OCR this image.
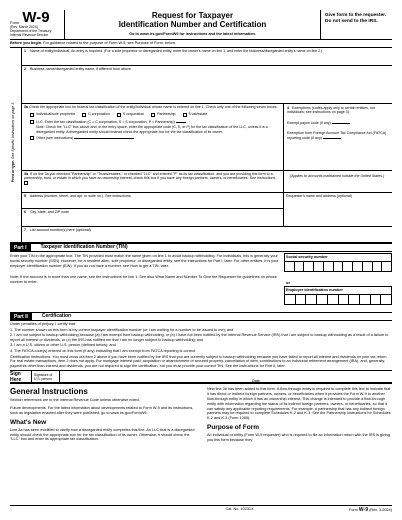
Form W-9
(Rev. March 2024)
Department of the Treasury
Internal Revenue Service
Request for Taxpayer
Identification Number and Certification
Go to www.irs.gov/FormW9 for instructions and the latest information.
Give form to the requester. Do not send to the IRS.
Before you begin. For guidance related to the purpose of Form W-9, see Purpose of Form, below.
Print or type. See Specific Instructions on page 3.
1 Name of entity/individual. An entry is required. (For a sole proprietor or disregarded entity, enter the owner's name on line 1, and enter the business/disregarded entity's name on line 2.)
2 Business name/disregarded entity name, if different from above.
3aCheck the appropriate box for federal tax classification of the entity/individual whose name is entered on line 1. Check only one of the following seven boxes.
Individual/sole proprietor	C corporation	S corporation	Partnership	Trust/estate
LLC. Enter the tax classification (C = C corporation, S = S corporation, P = Partnership)
Note: Check the "LLC" box above and, in the entry space, enter the appropriate code (C, S, or P) for the tax classification of the LLC, unless it is a disregarded entity. A disregarded entity should instead check the appropriate box for the tax classification of its owner.
Other (see instructions)
4 Exemptions (codes apply only to certain entities, not individuals; see instructions on page 3):
Exempt payee code (if any)
Exemption from Foreign Account Tax Compliance Act (FATCA) reporting code (if any)
3b If on line 3a you checked "Partnership" or "Trusts/estates," or checked "LLC" and entered "P" as its tax classification, and you are providing this form to a partnership, trust, or estate in which you have an ownership interest, check this box if you have any foreign partners, owners, or beneficiaries. See instructions
(Applies to accounts maintained outside the United States.)
5 Address (number, street, and apt. or suite no.). See instructions.	Requester's name and address (optional)
6 City, state, and ZIP code
7 List account number(s) here (optional)
Part I	Taxpayer Identification Number (TIN)

Enter your TIN in the appropriate box. The TIN provided must match the name given on line 1 to avoid backup withholding. For individuals, this is generally your social security number (SSN). However, for a resident alien, sole proprietor, or disregarded entity, see the instructions for Part I, later. For other entities, it is your employer identification number (EIN). If you do not have a number, see How to get a TIN, later.

Note: If the account is in more than one name, see the instructions for line 1. See also What Name and Number To Give the Requester for guidelines on whose number to enter.

Social security number
or
Employer identification number
Part II	Certification

Under penalties of perjury, I certify that:

1. The number shown on this form is my correct taxpayer identification number (or I am waiting for a number to be issued to me); and

2. I am not subject to backup withholding because (a) I am exempt from backup withholding, or (b) I have not been notified by the Internal Revenue Service (IRS) that I am subject to backup withholding as a result of a failure to report all interest or dividends, or (c) the IRS has notified me that I am no longer subject to backup withholding; and

3. I am a U.S. citizen or other U.S. person (defined below); and

4. The FATCA code(s) entered on this form (if any) indicating that I am exempt from FATCA reporting is correct.

Certification instructions. You must cross out item 2 above if you have been notified by the IRS that you are currently subject to backup withholding because you have failed to report all interest and dividends on your tax return. For real estate transactions, item 2 does not apply. For mortgage interest paid, acquisition or abandonment of secured property, cancellation of debt, contributions to an individual retirement arrangement (IRA), and, generally, payments other than interest and dividends, you are not required to sign the certification, but you must provide your correct TIN. See the instructions for Part II, later.

Sign Here
Signature of U.S. person	Date
General Instructions

Section references are to the Internal Revenue Code unless otherwise noted.

Future developments. For the latest information about developments related to Form W-9 and its instructions, such as legislation enacted after they were published, go to www.irs.gov/FormW9.

What's New

Line 3a has been modified to clarify how a disregarded entity completes this line. An LLC that is a disregarded entity should check the appropriate box for the tax classification of its owner. Otherwise, it should check the "LLC" box and enter its appropriate tax classification.

New line 3b has been added to this form. A flow-through entity is required to complete this line to indicate that it has direct or indirect foreign partners, owners, or beneficiaries when it provides the Form W-9 to another flow-through entity in which it has an ownership interest. This change is intended to provide a flow-through entity with information regarding the status of its indirect foreign partners, owners, or beneficiaries, so that it can satisfy any applicable reporting requirements. For example, a partnership that has any indirect foreign partners may be required to complete Schedules K-2 and K-3. See the Partnership Instructions for Schedules K-2 and K-3 (Form 1065).

Purpose of Form

An individual or entity (Form W-9 requester) who is required to file an information return with the IRS is giving you this form because they

Cat. No. 10231X	Form W-9 (Rev. 3-2024)
